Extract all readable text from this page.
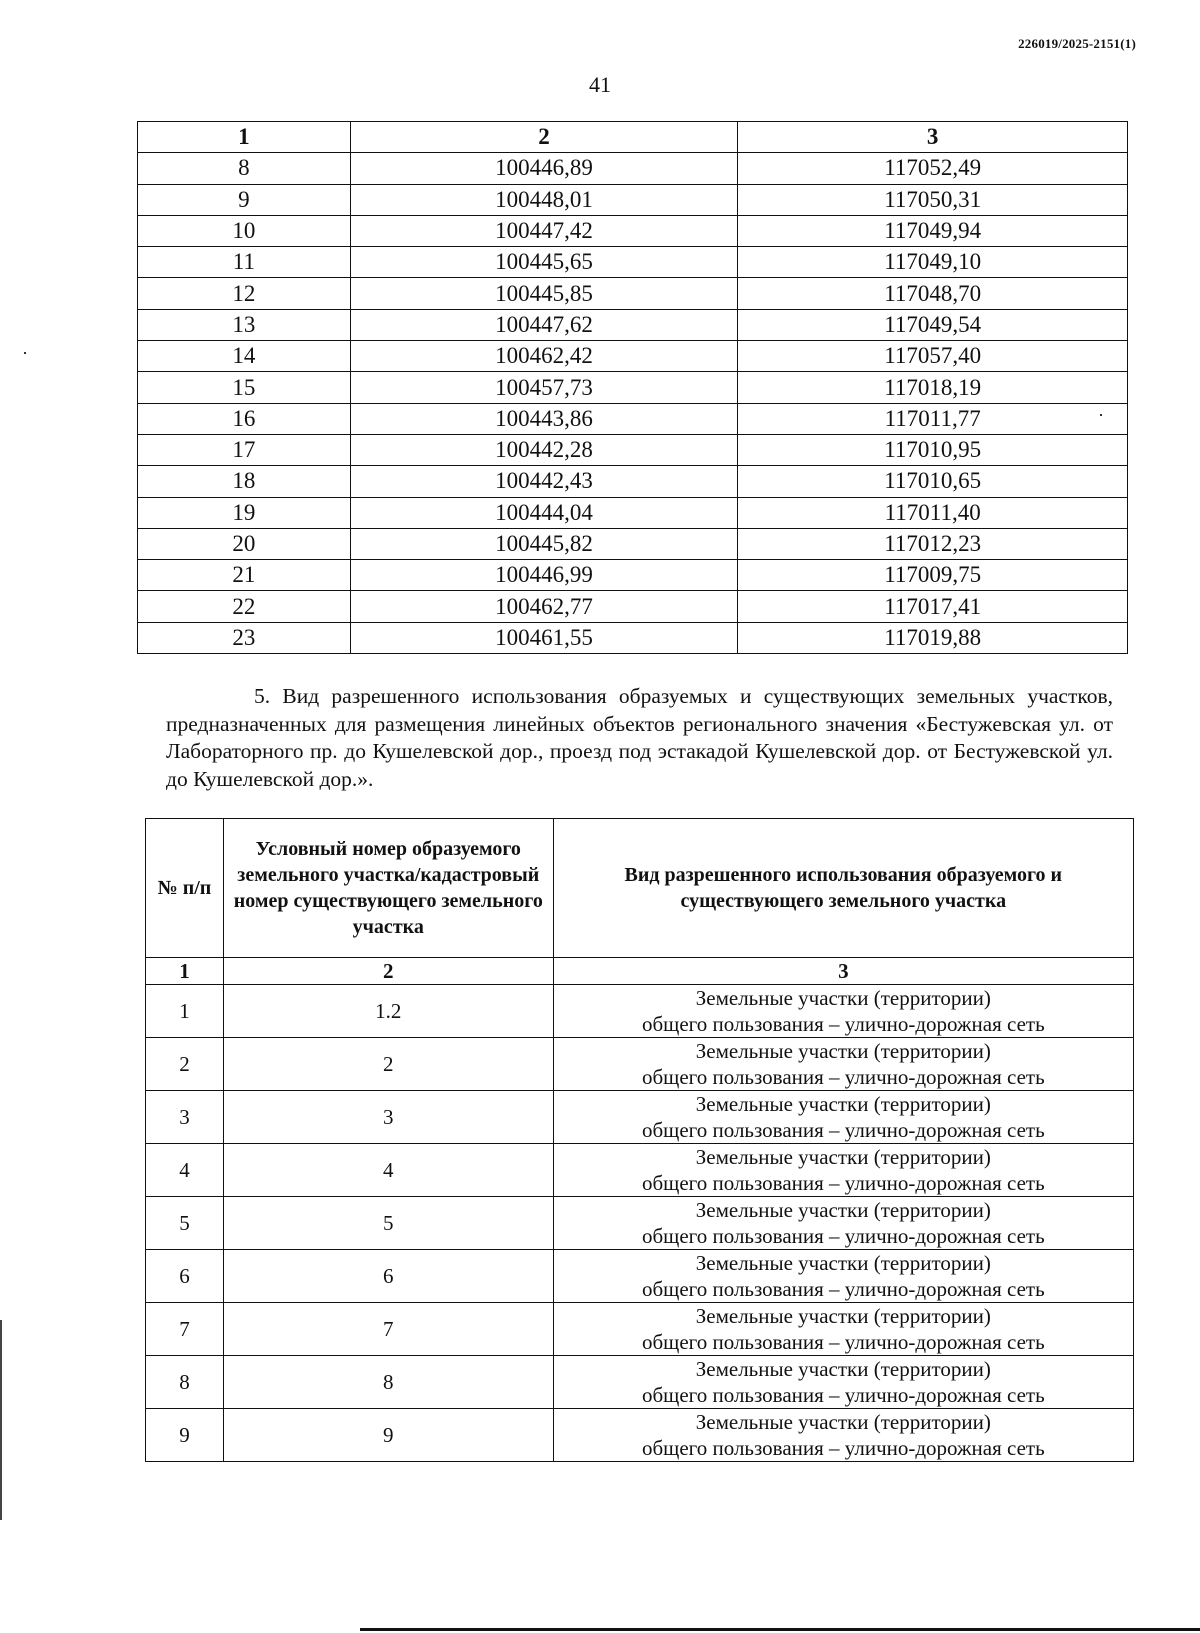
226019/2025-2151(1)
41
1	2	3
8	100446,89	117052,49
9	100448,01	117050,31
10	100447,42	117049,94
11	100445,65	117049,10
12	100445,85	117048,70
13	100447,62	117049,54
14	100462,42	117057,40
15	100457,73	117018,19
16	100443,86	117011,77
17	100442,28	117010,95
18	100442,43	117010,65
19	100444,04	117011,40
20	100445,82	117012,23
21	100446,99	117009,75
22	100462,77	117017,41
23	100461,55	117019,88
5. Вид разрешенного использования образуемых и существующих земельных участков, предназначенных для размещения линейных объектов регионального значения «Бестужевская ул. от Лабораторного пр. до Кушелевской дор., проезд под эстакадой Кушелевской дор. от Бестужевской ул. до Кушелевской дор.».
№ п/п	Условный номер образуемого земельного участка/кадастровый номер существующего земельного участка	Вид разрешенного использования образуемого и существующего земельного участка
1	2	3
1	1.2	Земельные участки (территории)
общего пользования – улично-дорожная сеть

2	2	Земельные участки (территории)
общего пользования – улично-дорожная сеть

3	3	Земельные участки (территории)
общего пользования – улично-дорожная сеть

4	4	Земельные участки (территории)
общего пользования – улично-дорожная сеть

5	5	Земельные участки (территории)
общего пользования – улично-дорожная сеть

6	6	Земельные участки (территории)
общего пользования – улично-дорожная сеть

7	7	Земельные участки (территории)
общего пользования – улично-дорожная сеть

8	8	Земельные участки (территории)
общего пользования – улично-дорожная сеть

9	9	Земельные участки (территории)
общего пользования – улично-дорожная сеть
